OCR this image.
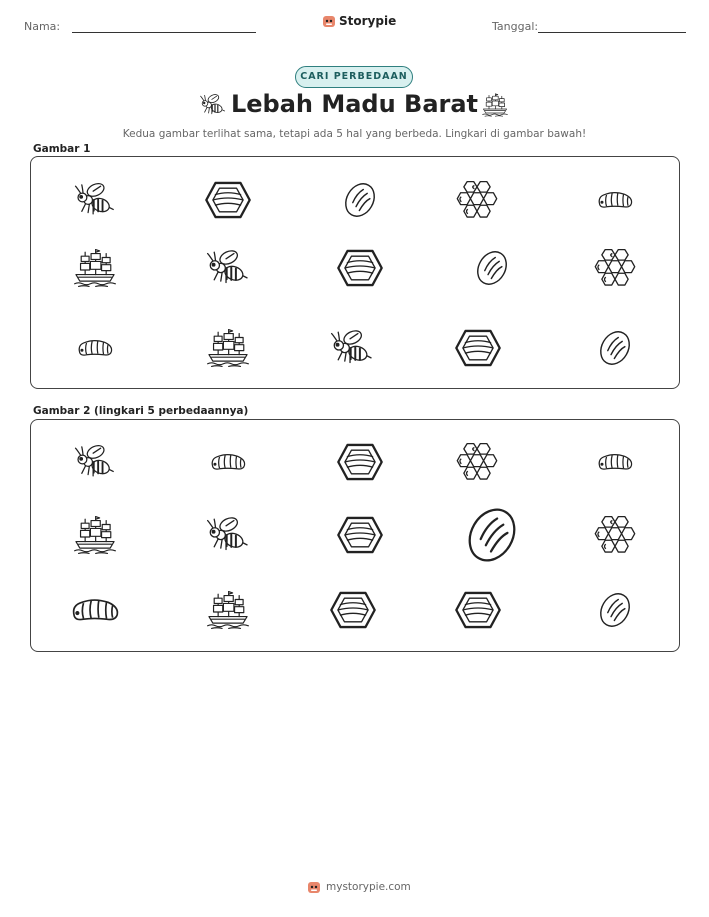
Nama:	Storypie	Tanggal:
CARI PERBEDAAN
Lebah Madu Barat
Kedua gambar terlihat sama, tetapi ada 5 hal yang berbeda. Lingkari di gambar bawah!
Gambar 1
Gambar 2 (lingkari 5 perbedaannya)
mystorypie.com
